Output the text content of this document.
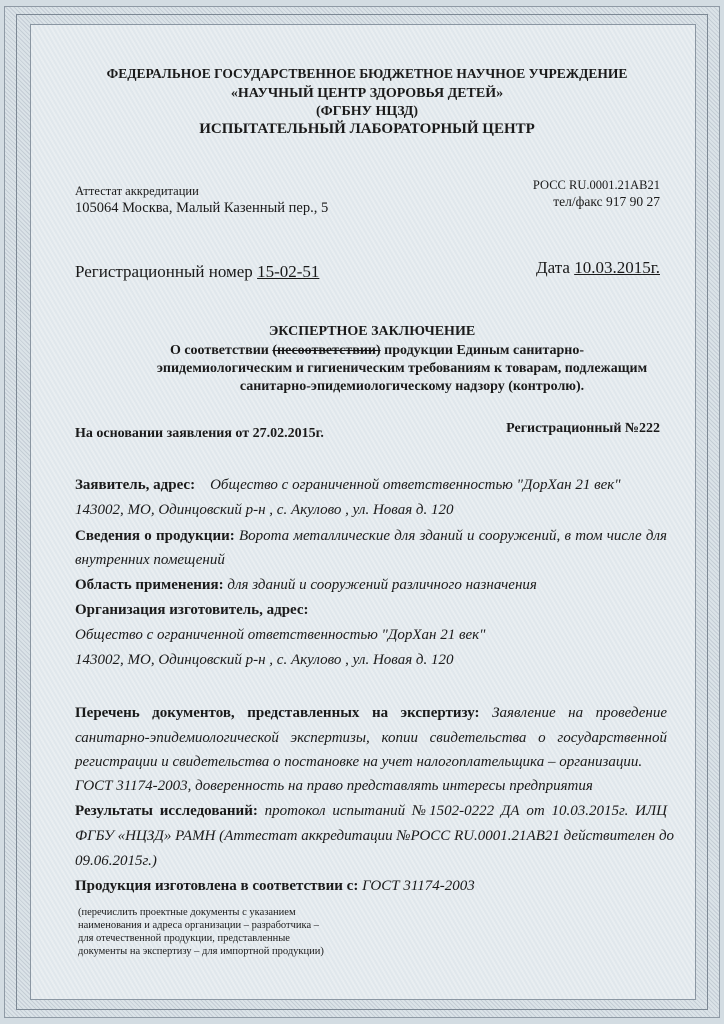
ФЕДЕРАЛЬНОЕ ГОСУДАРСТВЕННОЕ БЮДЖЕТНОЕ НАУЧНОЕ УЧРЕЖДЕНИЕ
«НАУЧНЫЙ ЦЕНТР ЗДОРОВЬЯ ДЕТЕЙ»
(ФГБНУ НЦЗД)
ИСПЫТАТЕЛЬНЫЙ ЛАБОРАТОРНЫЙ ЦЕНТР
Аттестат аккредитации
105064 Москва, Малый Казенный пер., 5
РОСС RU.0001.21АВ21
тел/факс 917 90 27
Регистрационный номер 15-02-51	Дата 10.03.2015г.
ЭКСПЕРТНОЕ ЗАКЛЮЧЕНИЕ
О соответствии (несоответствии) продукции Единым санитарно-
эпидемиологическим и гигиеническим требованиям к товарам, подлежащим
санитарно-эпидемиологическому надзору (контролю).
На основании заявления от 27.02.2015г.	Регистрационный №222
Заявитель, адрес: Общество с ограниченной ответственностью "ДорХан 21 век"
143002, МО, Одинцовский р-н , с. Акулово , ул. Новая д. 120
Сведения о продукции: Ворота металлические для зданий и сооружений, в том числе для
внутренних помещений
Область применения: для зданий и сооружений различного назначения
Организация изготовитель, адрес:
Общество с ограниченной ответственностью "ДорХан 21 век"
143002, МО, Одинцовский р-н , с. Акулово , ул. Новая д. 120
Перечень документов, представленных на экспертизу: Заявление на проведение
санитарно-эпидемиологической экспертизы, копии свидетельства о государственной
регистрации и свидетельства о постановке на учет налогоплательщика – организации.
ГОСТ 31174-2003, доверенность на право представлять интересы предприятия
Результаты исследований: протокол испытаний №1502-0222 ДА от 10.03.2015г. ИЛЦ
ФГБУ «НЦЗД» РАМН (Аттестат аккредитации №РОСС RU.0001.21АВ21 действителен до
09.06.2015г.)
Продукция изготовлена в соответствии с: ГОСТ 31174-2003
(перечислить проектные документы с указанием
наименования и адреса организации – разработчика –
для отечественной продукции, представленные
документы на экспертизу – для импортной продукции)
